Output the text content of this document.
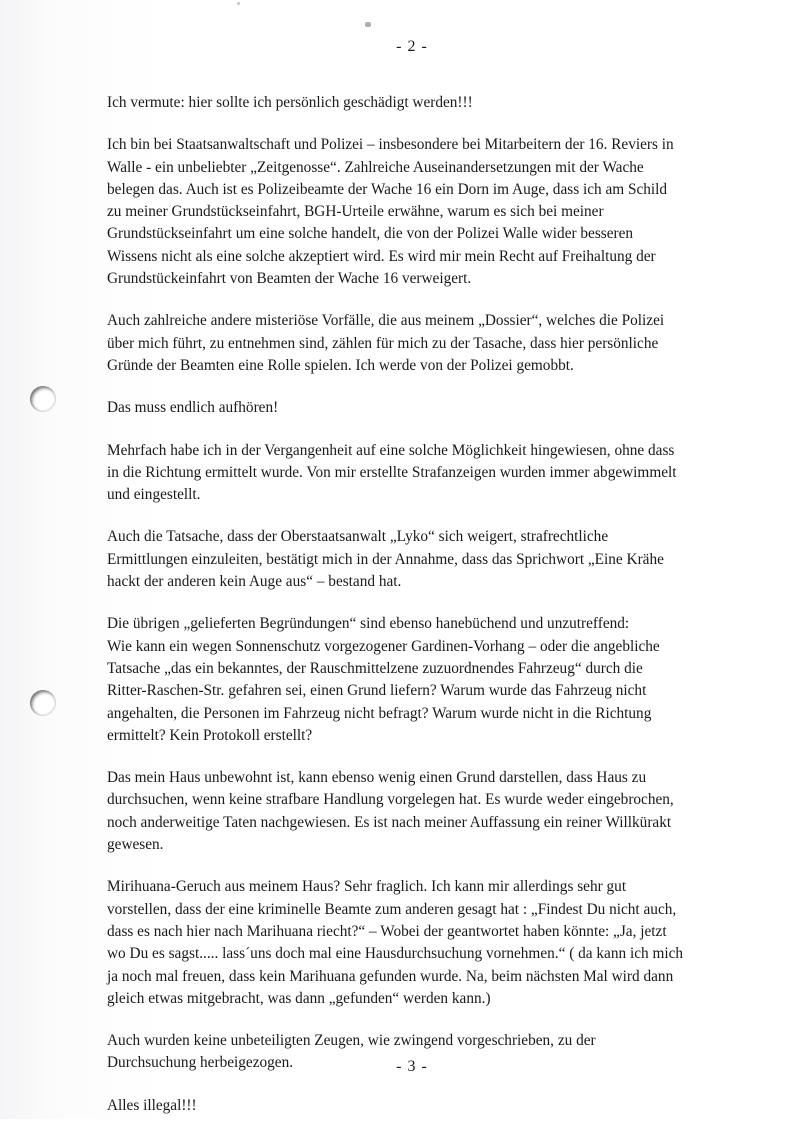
- 2 -

Ich vermute: hier sollte ich persönlich geschädigt werden!!!

Ich bin bei Staatsanwaltschaft und Polizei – insbesondere bei Mitarbeitern der 16. Reviers in
Walle - ein unbeliebter „Zeitgenosse“. Zahlreiche Auseinandersetzungen mit der Wache
belegen das. Auch ist es Polizeibeamte der Wache 16 ein Dorn im Auge, dass ich am Schild
zu meiner Grundstückseinfahrt, BGH-Urteile erwähne, warum es sich bei meiner
Grundstückseinfahrt um eine solche handelt, die von der Polizei Walle wider besseren
Wissens nicht als eine solche akzeptiert wird. Es wird mir mein Recht auf Freihaltung der
Grundstückeinfahrt von Beamten der Wache 16 verweigert.

Auch zahlreiche andere misteriöse Vorfälle, die aus meinem „Dossier“, welches die Polizei
über mich führt, zu entnehmen sind, zählen für mich zu der Tasache, dass hier persönliche
Gründe der Beamten eine Rolle spielen. Ich werde von der Polizei gemobbt.

Das muss endlich aufhören!

Mehrfach habe ich in der Vergangenheit auf eine solche Möglichkeit hingewiesen, ohne dass
in die Richtung ermittelt wurde. Von mir erstellte Strafanzeigen wurden immer abgewimmelt
und eingestellt.

Auch die Tatsache, dass der Oberstaatsanwalt „Lyko“ sich weigert, strafrechtliche
Ermittlungen einzuleiten, bestätigt mich in der Annahme, dass das Sprichwort „Eine Krähe
hackt der anderen kein Auge aus“ – bestand hat.

Die übrigen „gelieferten Begründungen“ sind ebenso hanebüchend und unzutreffend:
Wie kann ein wegen Sonnenschutz vorgezogener Gardinen-Vorhang – oder die angebliche
Tatsache „das ein bekanntes, der Rauschmittelzene zuzuordnendes Fahrzeug“ durch die
Ritter-Raschen-Str. gefahren sei, einen Grund liefern? Warum wurde das Fahrzeug nicht
angehalten, die Personen im Fahrzeug nicht befragt? Warum wurde nicht in die Richtung
ermittelt? Kein Protokoll erstellt?

Das mein Haus unbewohnt ist, kann ebenso wenig einen Grund darstellen, dass Haus zu
durchsuchen, wenn keine strafbare Handlung vorgelegen hat. Es wurde weder eingebrochen,
noch anderweitige Taten nachgewiesen. Es ist nach meiner Auffassung ein reiner Willkürakt
gewesen.

Mirihuana-Geruch aus meinem Haus? Sehr fraglich. Ich kann mir allerdings sehr gut
vorstellen, dass der eine kriminelle Beamte zum anderen gesagt hat : „Findest Du nicht auch,
dass es nach hier nach Marihuana riecht?“ – Wobei der geantwortet haben könnte: „Ja, jetzt
wo Du es sagst..... lass´uns doch mal eine Hausdurchsuchung vornehmen.“ ( da kann ich mich
ja noch mal freuen, dass kein Marihuana gefunden wurde. Na, beim nächsten Mal wird dann
gleich etwas mitgebracht, was dann „gefunden“ werden kann.)

Auch wurden keine unbeteiligten Zeugen, wie zwingend vorgeschrieben, zu der
Durchsuchung herbeigezogen.

Alles illegal!!!

- 3 -
